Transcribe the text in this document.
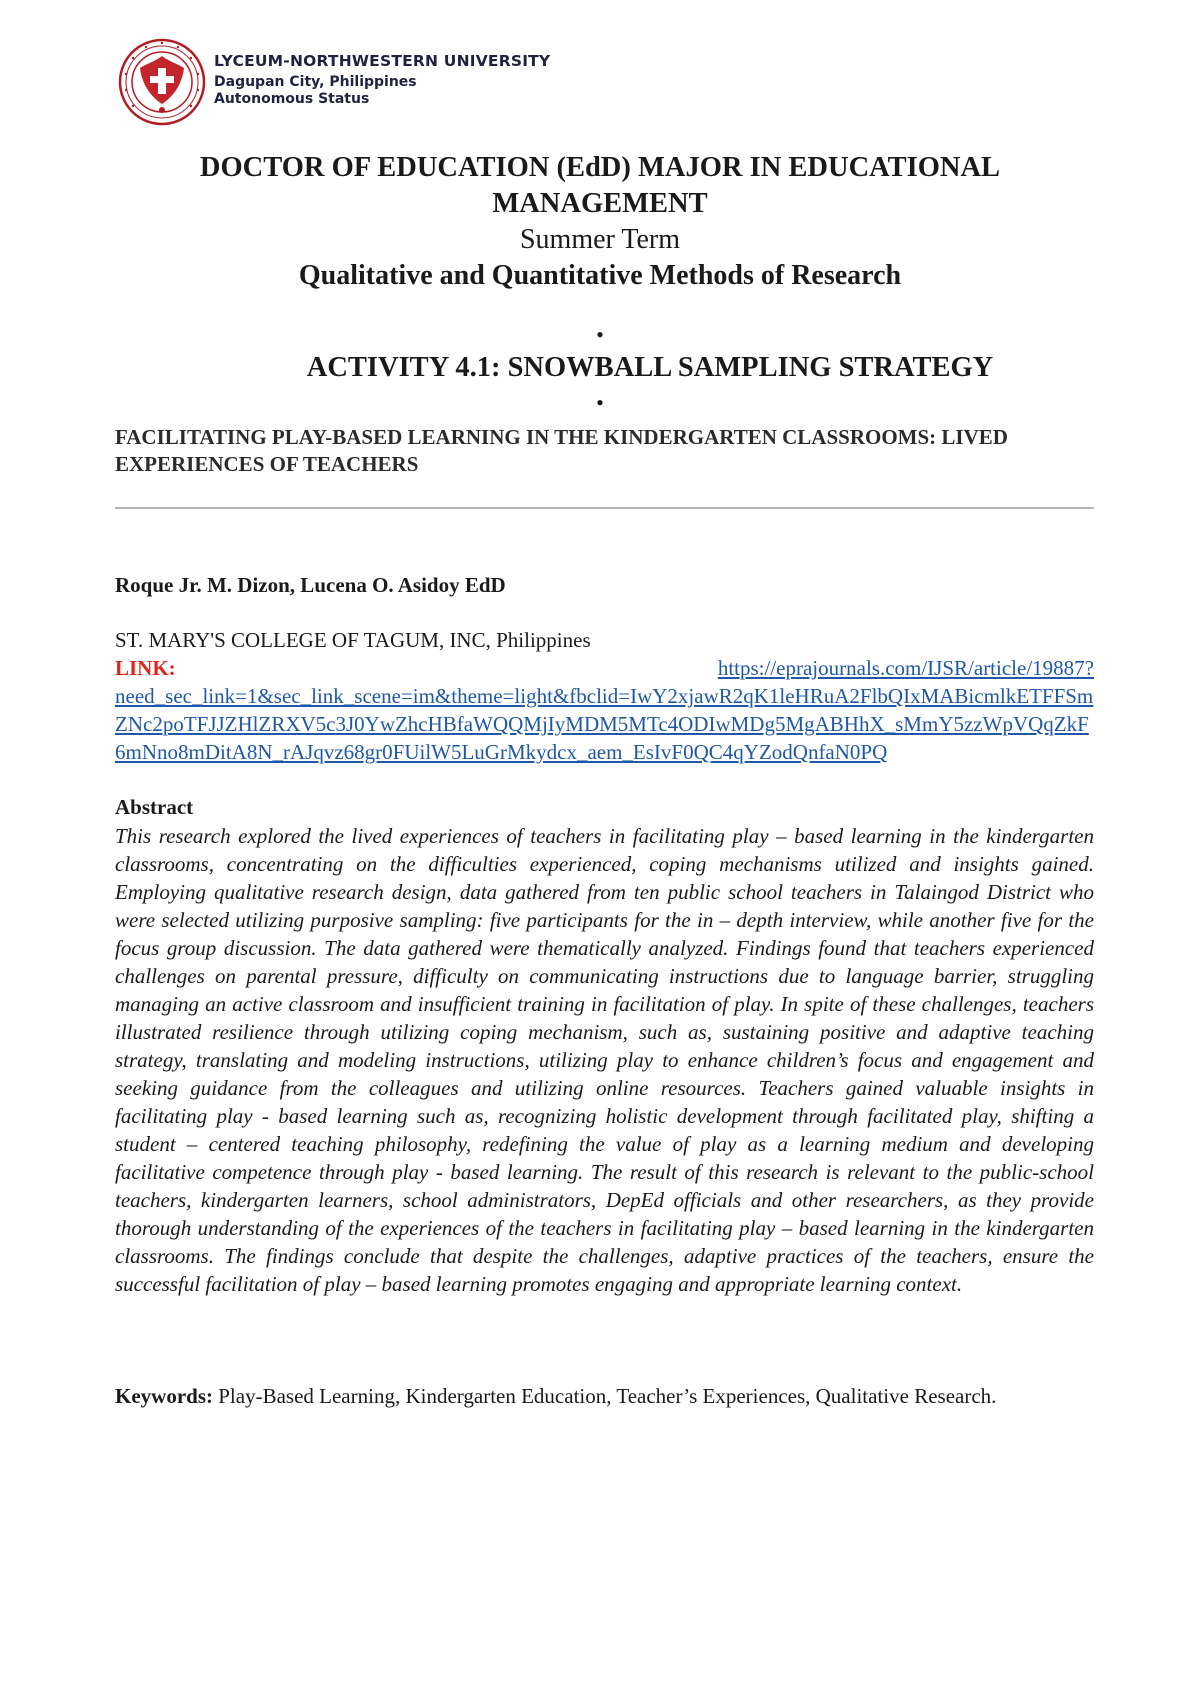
LYCEUM-NORTHWESTERN UNIVERSITY
Dagupan City, Philippines
Autonomous Status
DOCTOR OF EDUCATION (EdD) MAJOR IN EDUCATIONAL MANAGEMENT
Summer Term
Qualitative and Quantitative Methods of Research
•
ACTIVITY 4.1: SNOWBALL SAMPLING STRATEGY
•
FACILITATING PLAY-BASED LEARNING IN THE KINDERGARTEN CLASSROOMS: LIVED EXPERIENCES OF TEACHERS
Roque Jr. M. Dizon, Lucena O. Asidoy EdD
ST. MARY'S COLLEGE OF TAGUM, INC, Philippines
LINK:	https://eprajournals.com/IJSR/article/19887?
need_sec_link=1&sec_link_scene=im&theme=light&fbclid=IwY2xjawR2qK1leHRuA2FlbQIxMABicmlkETFFSmZNc2poTFJJZHlZRXV5c3J0YwZhcHBfaWQQMjIyMDM5MTc4ODIwMDg5MgABHhX_sMmY5zzWpVQqZkF6mNno8mDitA8N_rAJqvz68gr0FUilW5LuGrMkydcx_aem_EsIvF0QC4qYZodQnfaN0PQ
Abstract
This research explored the lived experiences of teachers in facilitating play – based learning in the kindergarten classrooms, concentrating on the difficulties experienced, coping mechanisms utilized and insights gained. Employing qualitative research design, data gathered from ten public school teachers in Talaingod District who were selected utilizing purposive sampling: five participants for the in – depth interview, while another five for the focus group discussion. The data gathered were thematically analyzed. Findings found that teachers experienced challenges on parental pressure, difficulty on communicating instructions due to language barrier, struggling managing an active classroom and insufficient training in facilitation of play. In spite of these challenges, teachers illustrated resilience through utilizing coping mechanism, such as, sustaining positive and adaptive teaching strategy, translating and modeling instructions, utilizing play to enhance children’s focus and engagement and seeking guidance from the colleagues and utilizing online resources. Teachers gained valuable insights in facilitating play - based learning such as, recognizing holistic development through facilitated play, shifting a student – centered teaching philosophy, redefining the value of play as a learning medium and developing facilitative competence through play - based learning. The result of this research is relevant to the public-school teachers, kindergarten learners, school administrators, DepEd officials and other researchers, as they provide thorough understanding of the experiences of the teachers in facilitating play – based learning in the kindergarten classrooms. The findings conclude that despite the challenges, adaptive practices of the teachers, ensure the successful facilitation of play – based learning promotes engaging and appropriate learning context.
Keywords: Play-Based Learning, Kindergarten Education, Teacher’s Experiences, Qualitative Research.
